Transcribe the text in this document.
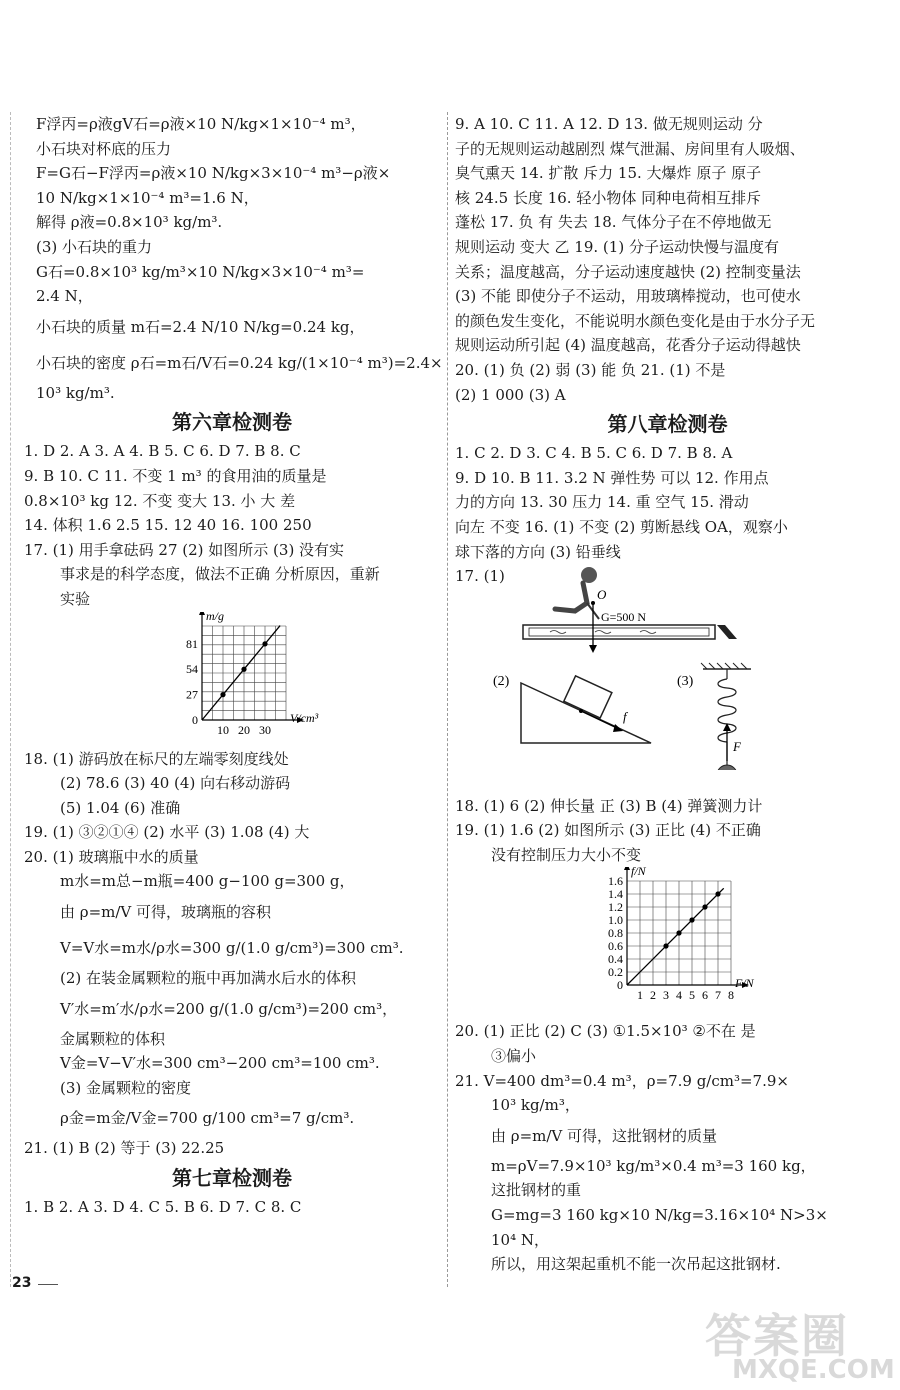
F浮丙=ρ液gV石=ρ液×10 N/kg×1×10⁻⁴ m³，
小石块对杯底的压力
F=G石−F浮丙=ρ液×10 N/kg×3×10⁻⁴ m³−ρ液×
10 N/kg×1×10⁻⁴ m³=1.6 N，
解得 ρ液=0.8×10³ kg/m³.
(3) 小石块的重力
G石=0.8×10³ kg/m³×10 N/kg×3×10⁻⁴ m³=
2.4 N，
小石块的质量 m石=2.4 N/10 N/kg=0.24 kg，
小石块的密度 ρ石=m石/V石=0.24 kg/(1×10⁻⁴ m³)=2.4×
10³ kg/m³.
第六章检测卷
1. D 2. A 3. A 4. B 5. C 6. D 7. B 8. C
9. B 10. C 11. 不变 1 m³ 的食用油的质量是
0.8×10³ kg 12. 不变 变大 13. 小 大 差
14. 体积 1.6 2.5 15. 12 40 16. 100 250
17. (1) 用手拿砝码 27 (2) 如图所示 (3) 没有实
事求是的科学态度，做法不正确 分析原因，重新
实验
m/g
V/cm³
81
54
27
0
10 20 30
18. (1) 游码放在标尺的左端零刻度线处
(2) 78.6 (3) 40 (4) 向右移动游码
(5) 1.04 (6) 准确
19. (1) ③②①④ (2) 水平 (3) 1.08 (4) 大
20. (1) 玻璃瓶中水的质量
m水=m总−m瓶=400 g−100 g=300 g，
由 ρ=m/V 可得，玻璃瓶的容积
V=V水=m水/ρ水=300 g/(1.0 g/cm³)=300 cm³.
(2) 在装金属颗粒的瓶中再加满水后水的体积
V′水=m′水/ρ水=200 g/(1.0 g/cm³)=200 cm³，
金属颗粒的体积
V金=V−V′水=300 cm³−200 cm³=100 cm³.
(3) 金属颗粒的密度
ρ金=m金/V金=700 g/100 cm³=7 g/cm³.
21. (1) B (2) 等于 (3) 22.25
第七章检测卷
1. B 2. A 3. D 4. C 5. B 6. D 7. C 8. C
9. A 10. C 11. A 12. D 13. 做无规则运动 分
子的无规则运动越剧烈 煤气泄漏、房间里有人吸烟、
臭气熏天 14. 扩散 斥力 15. 大爆炸 原子 原子
核 24.5 长度 16. 轻小物体 同种电荷相互排斥
蓬松 17. 负 有 失去 18. 气体分子在不停地做无
规则运动 变大 乙 19. (1) 分子运动快慢与温度有
关系；温度越高，分子运动速度越快 (2) 控制变量法
(3) 不能 即使分子不运动，用玻璃棒搅动，也可使水
的颜色发生变化，不能说明水颜色变化是由于水分子无
规则运动所引起 (4) 温度越高，花香分子运动得越快
20. (1) 负 (2) 弱 (3) 能 负 21. (1) 不是
(2) 1 000 (3) A
第八章检测卷
1. C 2. D 3. C 4. B 5. C 6. D 7. B 8. A
9. D 10. B 11. 3.2 N 弹性势 可以 12. 作用点
力的方向 13. 30 压力 14. 重 空气 15. 滑动
向左 不变 16. (1) 不变 (2) 剪断悬线 OA，观察小
球下落的方向 (3) 铅垂线
17. (1)
O
G=500 N
(2)
f
(3)
F
18. (1) 6 (2) 伸长量 正 (3) B (4) 弹簧测力计
19. (1) 1.6 (2) 如图所示 (3) 正比 (4) 不正确
没有控制压力大小不变
f/N
F/N
1.6
1.4
1.2
1.0
0.8
0.6
0.4
0.2
0
1 2 3 4 5 6 7 8
20. (1) 正比 (2) C (3) ①1.5×10³ ②不在 是
③偏小
21. V=400 dm³=0.4 m³，ρ=7.9 g/cm³=7.9×
10³ kg/m³，
由 ρ=m/V 可得，这批钢材的质量
m=ρV=7.9×10³ kg/m³×0.4 m³=3 160 kg，
这批钢材的重
G=mg=3 160 kg×10 N/kg=3.16×10⁴ N>3×
10⁴ N，
所以，用这架起重机不能一次吊起这批钢材.
23
答案圈
MXQE.COM
